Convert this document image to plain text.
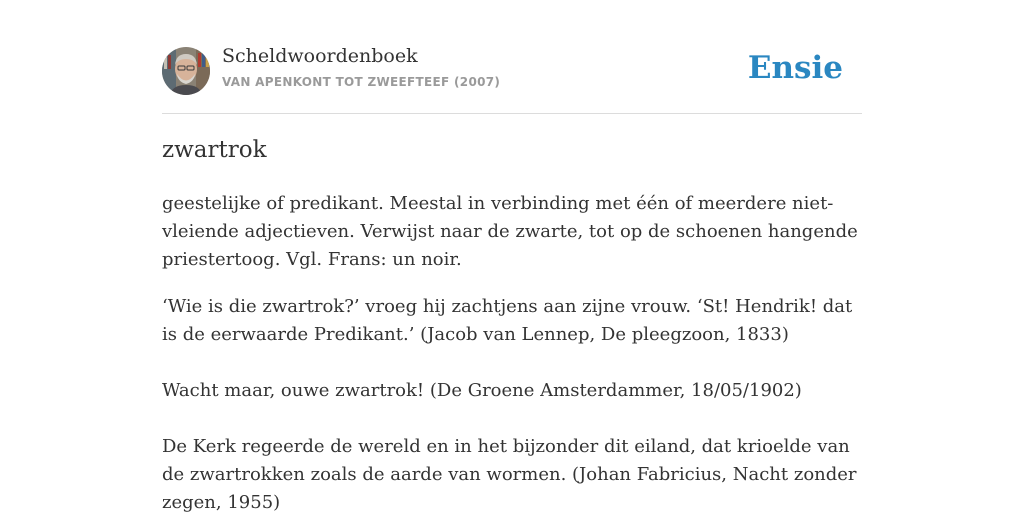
Scheldwoordenboek
VAN APENKONT TOT ZWEEFTEEF (2007)	Ensie
zwartrok

geestelijke of predikant. Meestal in verbinding met één of meerdere niet-vleiende adjectieven. Verwijst naar de zwarte, tot op de schoenen hangende priestertoog. Vgl. Frans: un noir.

‘Wie is die zwartrok?’ vroeg hij zachtjens aan zijne vrouw. ‘St! Hendrik! dat is de eerwaarde Predikant.’ (Jacob van Lennep, De pleegzoon, 1833)

Wacht maar, ouwe zwartrok! (De Groene Amsterdammer, 18/05/1902)

De Kerk regeerde de wereld en in het bijzonder dit eiland, dat krioelde van de zwartrokken zoals de aarde van wormen. (Johan Fabricius, Nacht zonder zegen, 1955)
